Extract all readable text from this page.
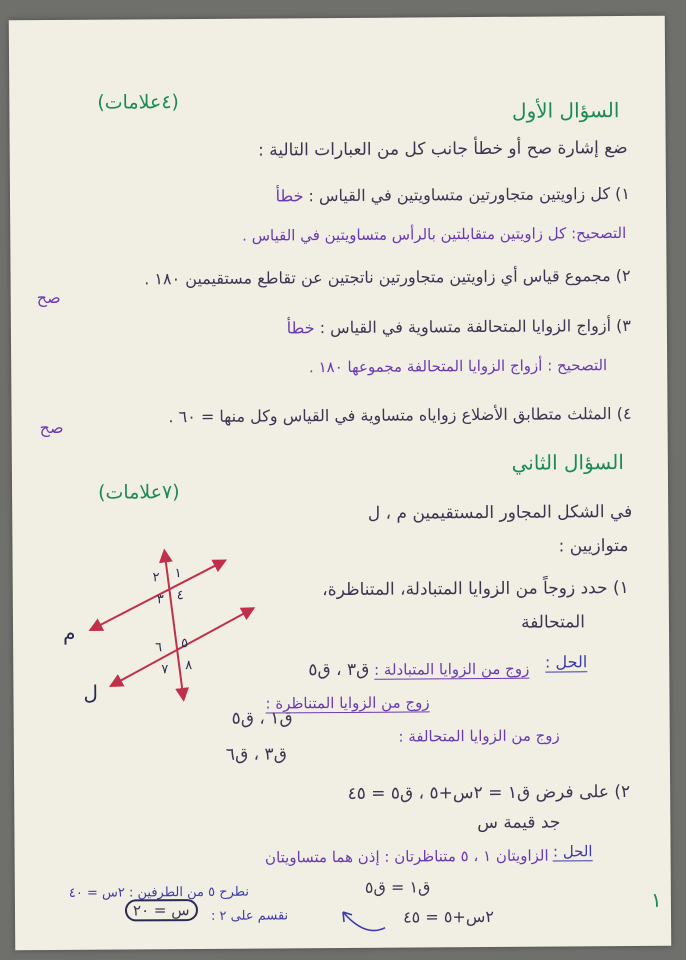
(٤علامات)	السؤال الأول
ضع إشارة صح أو خطأ جانب كل من العبارات التالية :
١) كل زاويتين متجاورتين متساويتين في القياس : خطأ
التصحيح: كل زاويتين متقابلتين بالرأس متساويتين في القياس .
٢) مجموع قياس أي زاويتين متجاورتين ناتجتين عن تقاطع مستقيمين ١٨٠ .
صح
٣) أزواج الزوايا المتحالفة متساوية في القياس : خطأ
التصحيح : أزواج الزوايا المتحالفة مجموعها ١٨٠ .
٤) المثلث متطابق الأضلاع زواياه متساوية في القياس وكل منها = ٦٠ .
صح
السؤال الثاني
(٧علامات)
في الشكل المجاور المستقيمين م ، ل
متوازيين :
٢ ١
٣ ٤
٦ ٥
٧ ٨
م
ل
١) حدد زوجاً من الزوايا المتبادلة، المتناظرة،
المتحالفة
الحل :
زوج من الزوايا المتبادلة : ق٣ ، ق٥
زوج من الزوايا المتناظرة :
ق١ ، ق٥
زوج من الزوايا المتحالفة :
ق٣ ، ق٦
٢) على فرض ق١ = ٢س+٥ ، ق٥ = ٤٥
جد قيمة س
الحل :
الزاويتان ١ ، ٥ متناظرتان : إذن هما متساويتان
ق١ = ق٥
٢س+٥ = ٤٥
نطرح ٥ من الطرفين : ٢س = ٤٠
نقسم على ٢ :
س = ٢٠	١
